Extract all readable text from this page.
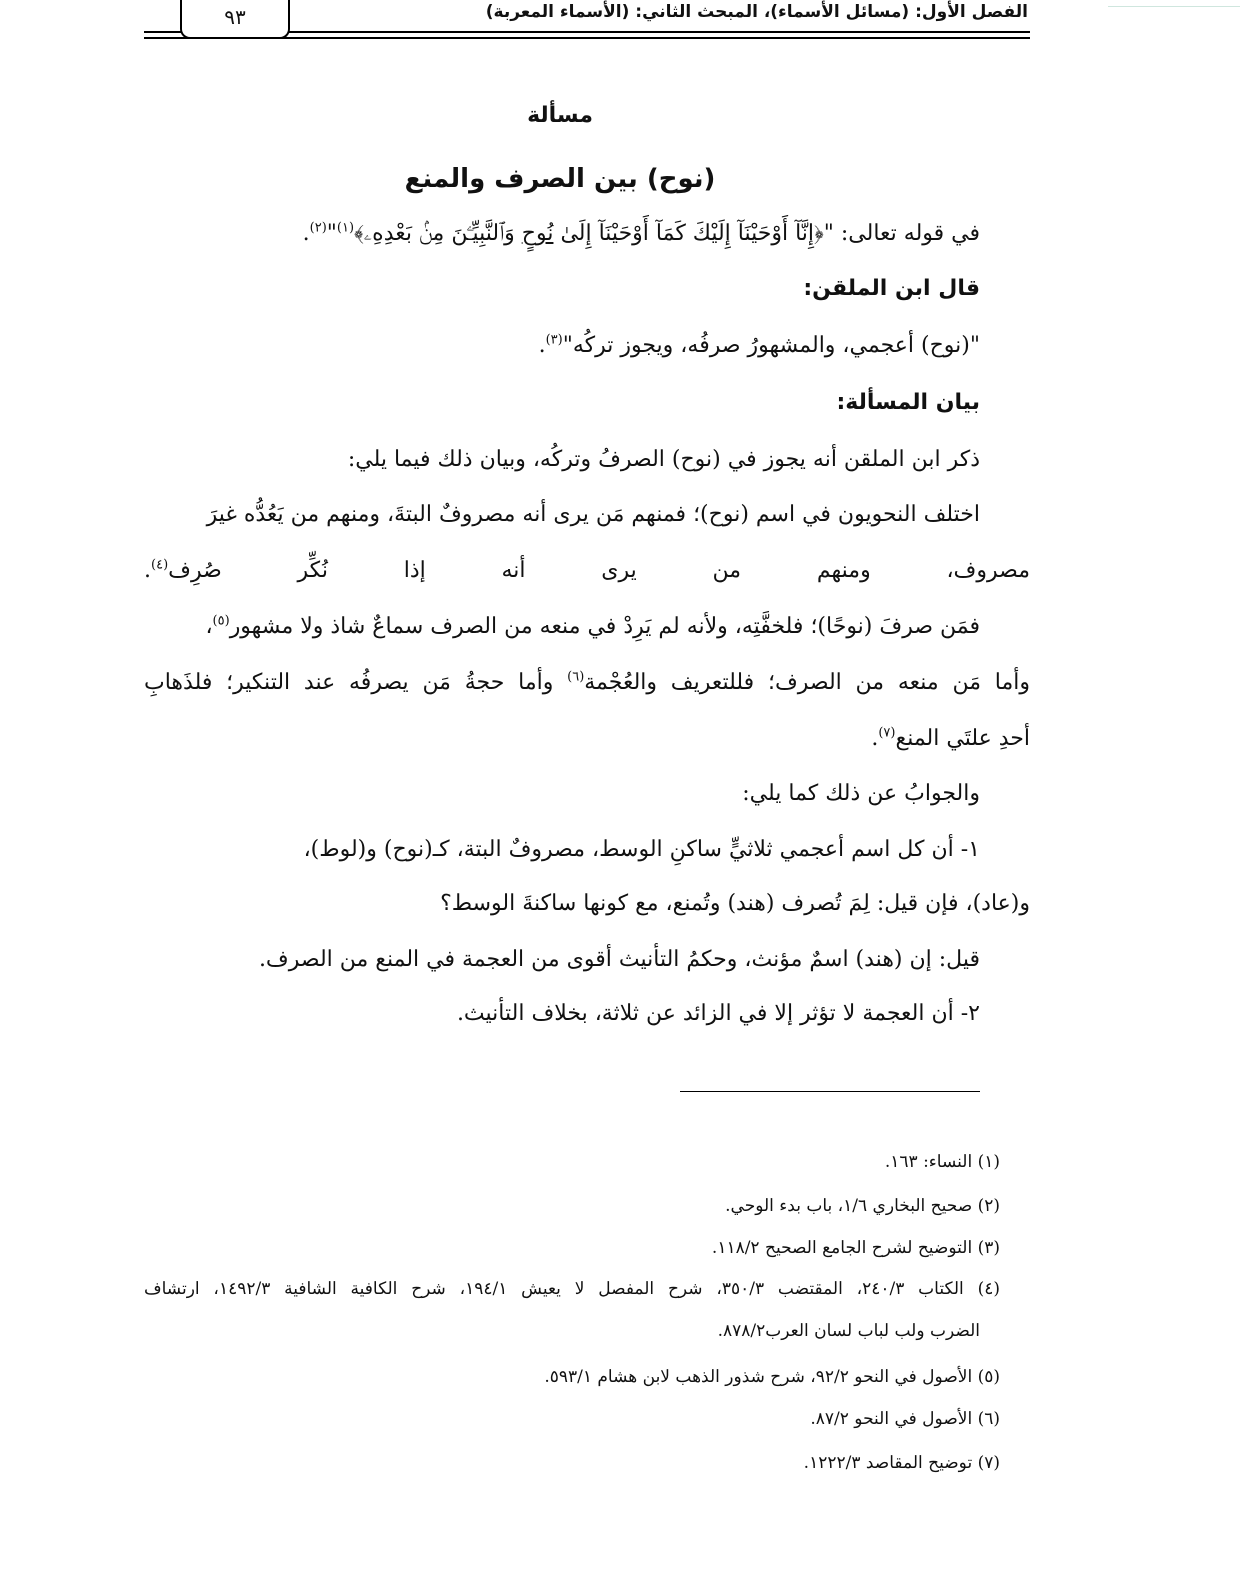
الفصل الأول: (مسائل الأسماء)، المبحث الثاني: (الأسماء المعربة)
٩٣
مسألة
(نوح) بين الصرف والمنع
في قوله تعالى: "﴿إِنَّآ أَوْحَيْنَآ إِلَيْكَ كَمَآ أَوْحَيْنَآ إِلَىٰ نُوحٍ وَٱلنَّبِيِّـۧنَ مِنۢ بَعْدِهِۦ﴾$^{(١)}$"$^{(٢)}$.
قال ابن الملقن:
"(نوح) أعجمي، والمشهورُ صرفُه، ويجوز تركُه"$^{(٣)}$.
بيان المسألة:
ذكر ابن الملقن أنه يجوز في (نوح) الصرفُ وتركُه، وبيان ذلك فيما يلي:
اختلف النحويون في اسم (نوح)؛ فمنهم مَن يرى أنه مصروفٌ البتةَ، ومنهم من يَعُدُّه غيرَ
مصروف، ومنهم من يرى أنه إذا نُكِّر صُرِف$^{(٤)}$.
فمَن صرفَ (نوحًا)؛ فلخفَّتِه، ولأنه لم يَرِدْ في منعه من الصرف سماعٌ شاذ ولا مشهور$^{(٥)}$،
وأما مَن منعه من الصرف؛ فللتعريف والعُجْمة$^{(٦)}$ وأما حجةُ مَن يصرفُه عند التنكير؛ فلذَهابِ
أحدِ علتَي المنع$^{(٧)}$.
والجوابُ عن ذلك كما يلي:
١- أن كل اسم أعجمي ثلاثيٍّ ساكنِ الوسط، مصروفٌ البتة، كـ(نوح) و(لوط)،
و(عاد)، فإن قيل: لِمَ تُصرف (هند) وتُمنع، مع كونها ساكنةَ الوسط؟
قيل: إن (هند) اسمٌ مؤنث، وحكمُ التأنيث أقوى من العجمة في المنع من الصرف.
٢- أن العجمة لا تؤثر إلا في الزائد عن ثلاثة، بخلاف التأنيث.
(١) النساء: ١٦٣.
(٢) صحيح البخاري ١/٦، باب بدء الوحي.
(٣) التوضيح لشرح الجامع الصحيح ١١٨/٢.
(٤) الكتاب ٢٤٠/٣، المقتضب ٣٥٠/٣، شرح المفصل لا يعيش ١٩٤/١، شرح الكافية الشافية ١٤٩٢/٣، ارتشاف
الضرب ولب لباب لسان العرب٨٧٨/٢.
(٥) الأصول في النحو ٩٢/٢، شرح شذور الذهب لابن هشام ٥٩٣/١.
(٦) الأصول في النحو ٨٧/٢.
(٧) توضيح المقاصد ١٢٢٢/٣.
